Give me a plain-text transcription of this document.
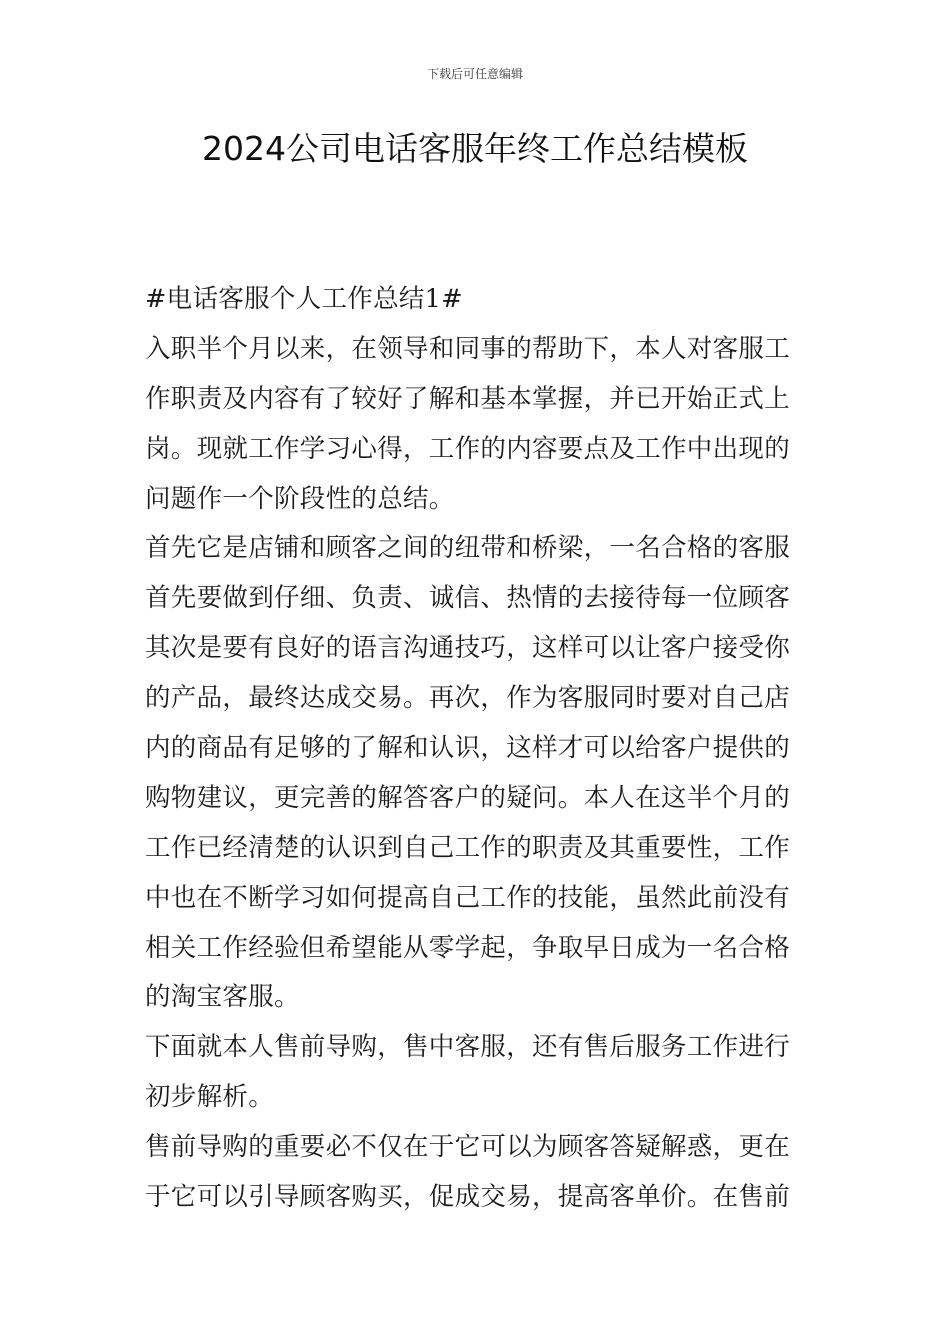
下载后可任意编辑
2024公司电话客服年终工作总结模板

#电话客服个人工作总结1#

入职半个月以来，在领导和同事的帮助下，本人对客服工
作职责及内容有了较好了解和基本掌握，并已开始正式上
岗。现就工作学习心得，工作的内容要点及工作中出现的
问题作一个阶段性的总结。

首先它是店铺和顾客之间的纽带和桥梁，一名合格的客服
首先要做到仔细、负责、诚信、热情的去接待每一位顾客
其次是要有良好的语言沟通技巧，这样可以让客户接受你
的产品，最终达成交易。再次，作为客服同时要对自己店
内的商品有足够的了解和认识，这样才可以给客户提供的
购物建议，更完善的解答客户的疑问。本人在这半个月的
工作已经清楚的认识到自己工作的职责及其重要性，工作
中也在不断学习如何提高自己工作的技能，虽然此前没有
相关工作经验但希望能从零学起，争取早日成为一名合格
的淘宝客服。

下面就本人售前导购，售中客服，还有售后服务工作进行
初步解析。

售前导购的重要必不仅在于它可以为顾客答疑解惑，更在
于它可以引导顾客购买，促成交易，提高客单价。在售前
